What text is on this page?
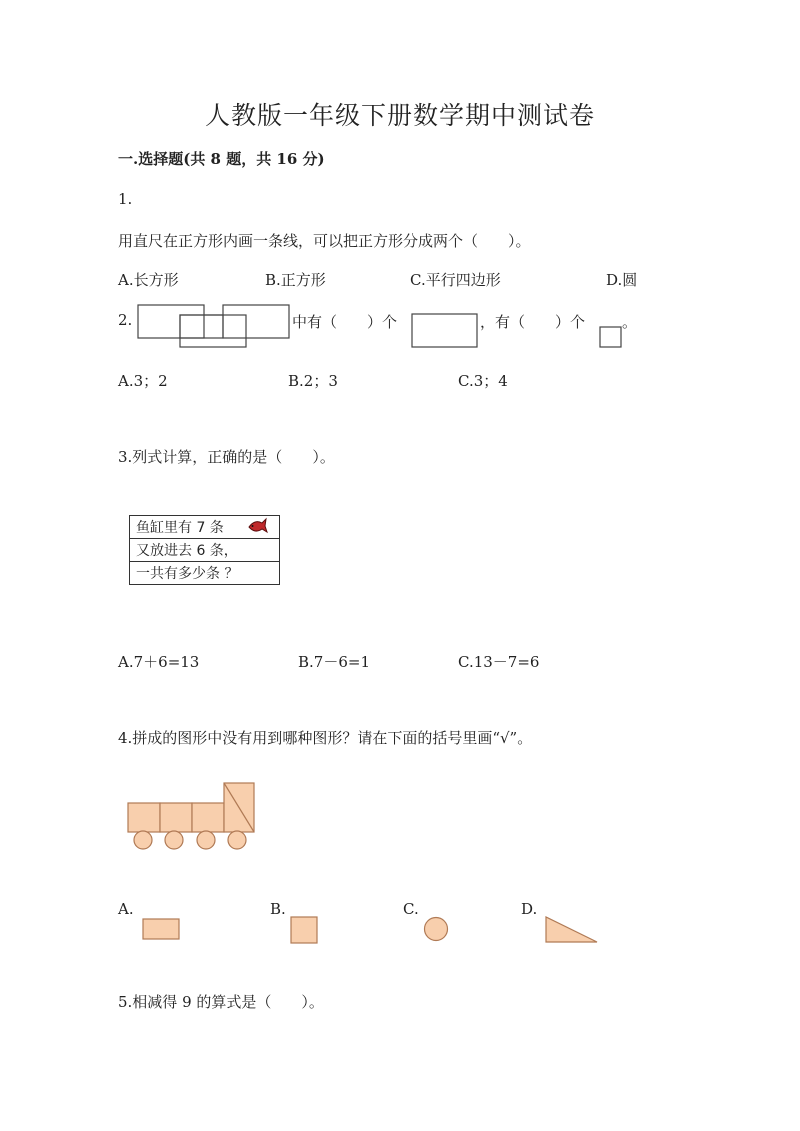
人教版一年级下册数学期中测试卷
一.选择题(共 8 题，共 16 分)
1.
用直尺在正方形内画一条线，可以把正方形分成两个（　　）。
A.长方形	B.正方形	C.平行四边形	D.圆
2.	中有（　　）个	，有（　　）个 。
A.3；2	B.2；3	C.3；4
3.列式计算，正确的是（　　）。
鱼缸里有 7 条
又放进去 6 条，
一共有多少条 ？
A.7＋6=13	B.7－6=1	C.13－7=6
4.拼成的图形中没有用到哪种图形？请在下面的括号里画“√”。
A.	B.	C.	D.
5.相减得 9 的算式是（　　）。
